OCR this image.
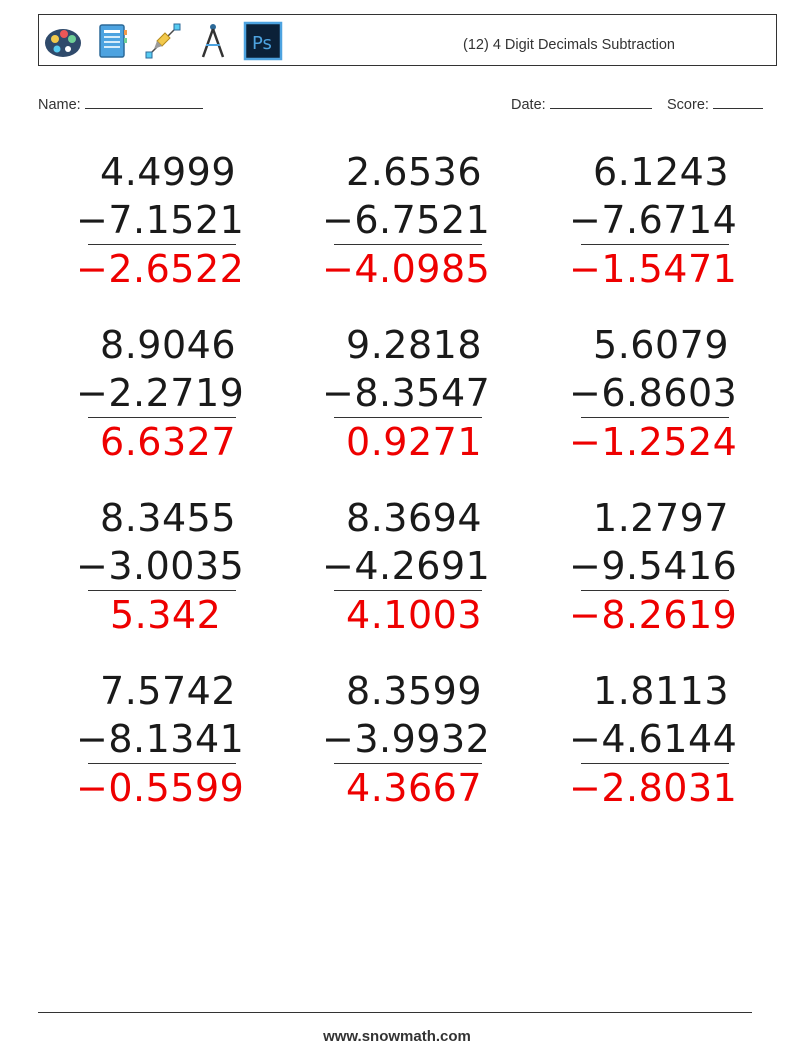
Ps	(12) 4 Digit Decimals Subtraction
Name:	Date:	Score:
4.4999
−7.1521
−2.6522
2.6536
−6.7521
−4.0985
6.1243
−7.6714
−1.5471
8.9046
−2.2719
6.6327
9.2818
−8.3547
0.9271
5.6079
−6.8603
−1.2524
8.3455
−3.0035
5.342
8.3694
−4.2691
4.1003
1.2797
−9.5416
−8.2619
7.5742
−8.1341
−0.5599
8.3599
−3.9932
4.3667
1.8113
−4.6144
−2.8031
www.snowmath.com
